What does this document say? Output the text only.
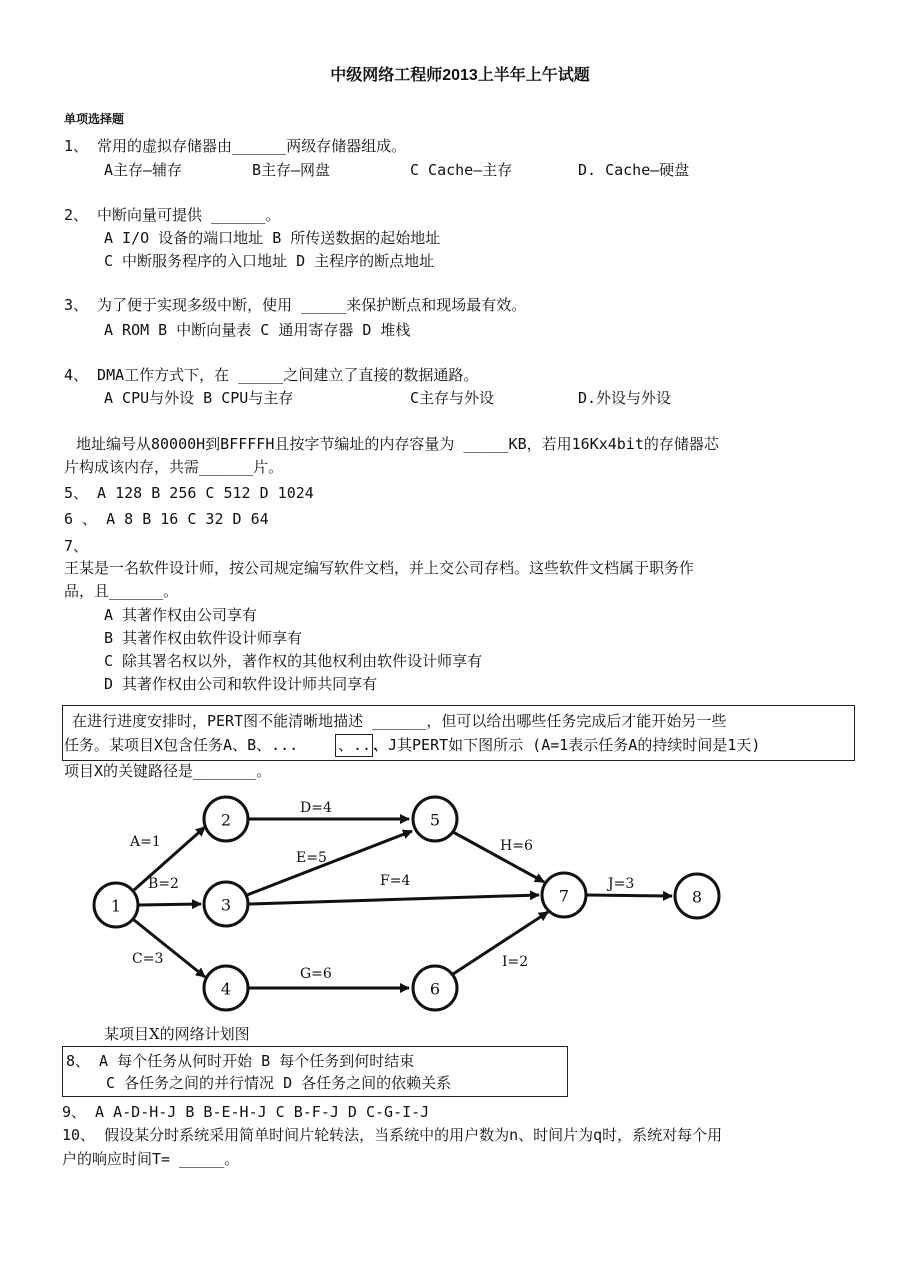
中级网络工程师2013上半年上午试题
单项选择题
1、 常用的虚拟存储器由______两级存储器组成。
A主存—辅存	B主存—网盘	C Cache—主存	D. Cache—硬盘
2、 中断向量可提供 ______。
A I/O 设备的端口地址 B 所传送数据的起始地址
C 中断服务程序的入口地址 D 主程序的断点地址
3、 为了便于实现多级中断，使用 _____来保护断点和现场最有效。
A ROM B 中断向量表 C 通用寄存器 D 堆栈
4、 DMA工作方式下，在 _____之间建立了直接的数据通路。
A CPU与外设 B CPU与主存	C主存与外设	D.外设与外设
地址编号从80000H到BFFFFH且按字节编址的内存容量为 _____KB，若用16Kx4bit的存储器芯
片构成该内存，共需______片。
5、 A 128 B 256 C 512 D 1024
6 、 A 8 B 16 C 32 D 64
7、
王某是一名软件设计师，按公司规定编写软件文档，并上交公司存档。这些软件文档属于职务作
品，且______。
A 其著作权由公司享有
B 其著作权由软件设计师享有
C 除其署名权以外，著作权的其他权利由软件设计师享有
D 其著作权由公司和软件设计师共同享有
在进行进度安排时，PERT图不能清晰地描述 ______，但可以给出哪些任务完成后才能开始另一些
任务。某项目X包含任务A、B、...	、...
、J其PERT如下图所示 (A=1表示任务A的持续时间是1天)
项目X的关键路径是_______。
1
2
3
4
5
6
7	8
A=1
B=2
C=3
D=4
E=5
F=4
G=6
H=6
I=2
J=3
某项目X的网络计划图
8、 A 每个任务从何时开始 B 每个任务到何时结束
C 各任务之间的并行情况 D 各任务之间的依赖关系
9、 A A-D-H-J B B-E-H-J C B-F-J D C-G-I-J
10、 假设某分时系统采用简单时间片轮转法，当系统中的用户数为n、时间片为q时，系统对每个用
户的响应时间T= _____。
